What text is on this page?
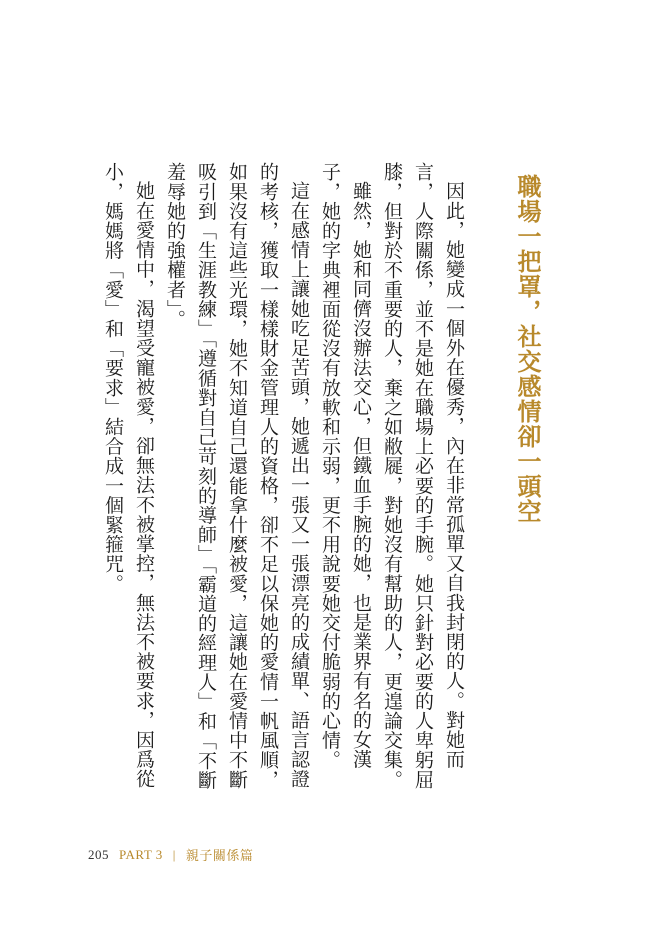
職場一把罩，社交感情卻一頭空

因此，她變成一個外在優秀，內在非常孤單又自我封閉的人。對她而言，人際關係，並不是她在職場上必要的手腕。她只針對必要的人卑躬屈膝，但對於不重要的人，棄之如敝屣，對她沒有幫助的人，更遑論交集。

雖然，她和同儕沒辦法交心，但鐵血手腕的她，也是業界有名的女漢子，她的字典裡面從沒有放軟和示弱，更不用說要她交付脆弱的心情。

這在感情上讓她吃足苦頭，她遞出一張又一張漂亮的成績單、語言認證的考核，獲取一樣樣財金管理人的資格，卻不足以保她的愛情一帆風順，如果沒有這些光環，她不知道自己還能拿什麼被愛，這讓她在愛情中不斷吸引到「生涯教練」「遵循對自己苛刻的導師」「霸道的經理人」和「不斷羞辱她的強權者」。

她在愛情中，渴望受寵被愛，卻無法不被掌控，無法不被要求，因爲從小，媽媽將「愛」和「要求」結合成一個緊箍咒。

205 PART 3 | 親子關係篇
